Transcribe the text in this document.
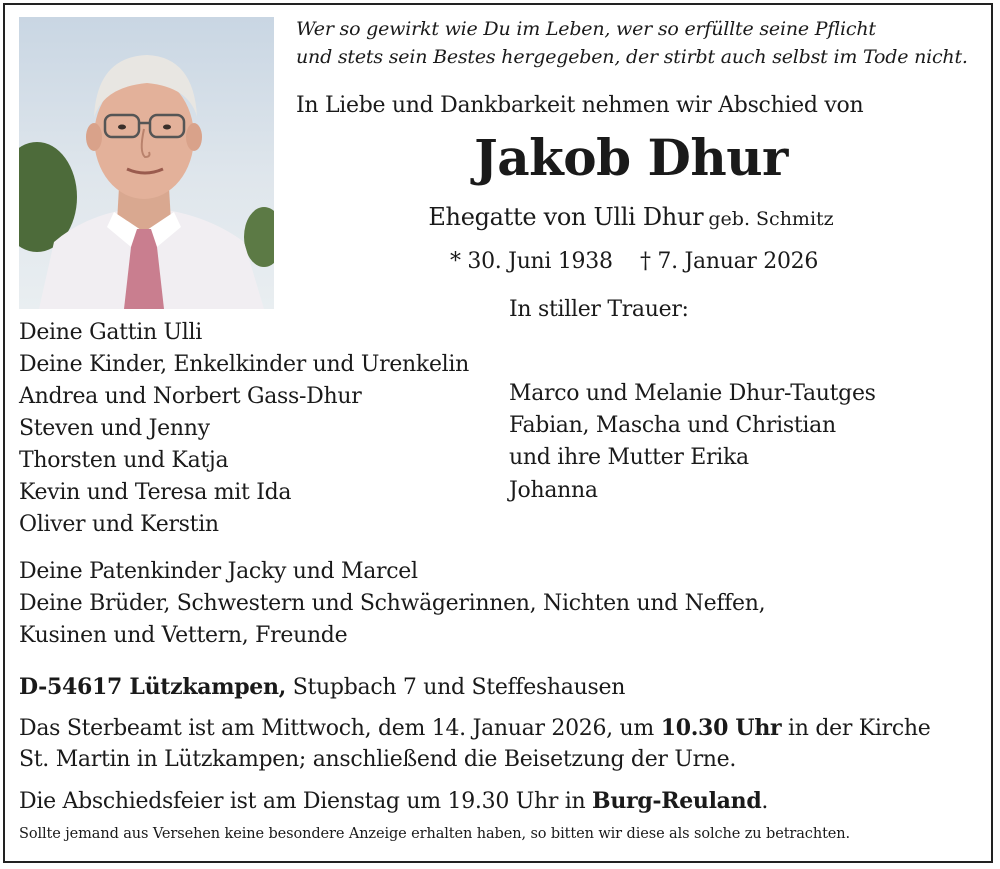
Wer so gewirkt wie Du im Leben, wer so erfüllte seine Pflicht
und stets sein Bestes hergegeben, der stirbt auch selbst im Tode nicht.
In Liebe und Dankbarkeit nehmen wir Abschied von
Jakob Dhur
Ehegatte von Ulli Dhur geb. Schmitz
* 30. Juni 1938 † 7. Januar 2026
In stiller Trauer:
Deine Gattin Ulli
Deine Kinder, Enkelkinder und Urenkelin
Andrea und Norbert Gass-Dhur
Steven und Jenny
Thorsten und Katja
Kevin und Teresa mit Ida
Oliver und Kerstin
Marco und Melanie Dhur-Tautges
Fabian, Mascha und Christian
und ihre Mutter Erika
Johanna
Deine Patenkinder Jacky und Marcel
Deine Brüder, Schwestern und Schwägerinnen, Nichten und Neffen,
Kusinen und Vettern, Freunde
D-54617 Lützkampen, Stupbach 7 und Steffeshausen
Das Sterbeamt ist am Mittwoch, dem 14. Januar 2026, um 10.30 Uhr in der Kirche
St. Martin in Lützkampen; anschließend die Beisetzung der Urne.
Die Abschiedsfeier ist am Dienstag um 19.30 Uhr in Burg-Reuland.
Sollte jemand aus Versehen keine besondere Anzeige erhalten haben, so bitten wir diese als solche zu betrachten.
